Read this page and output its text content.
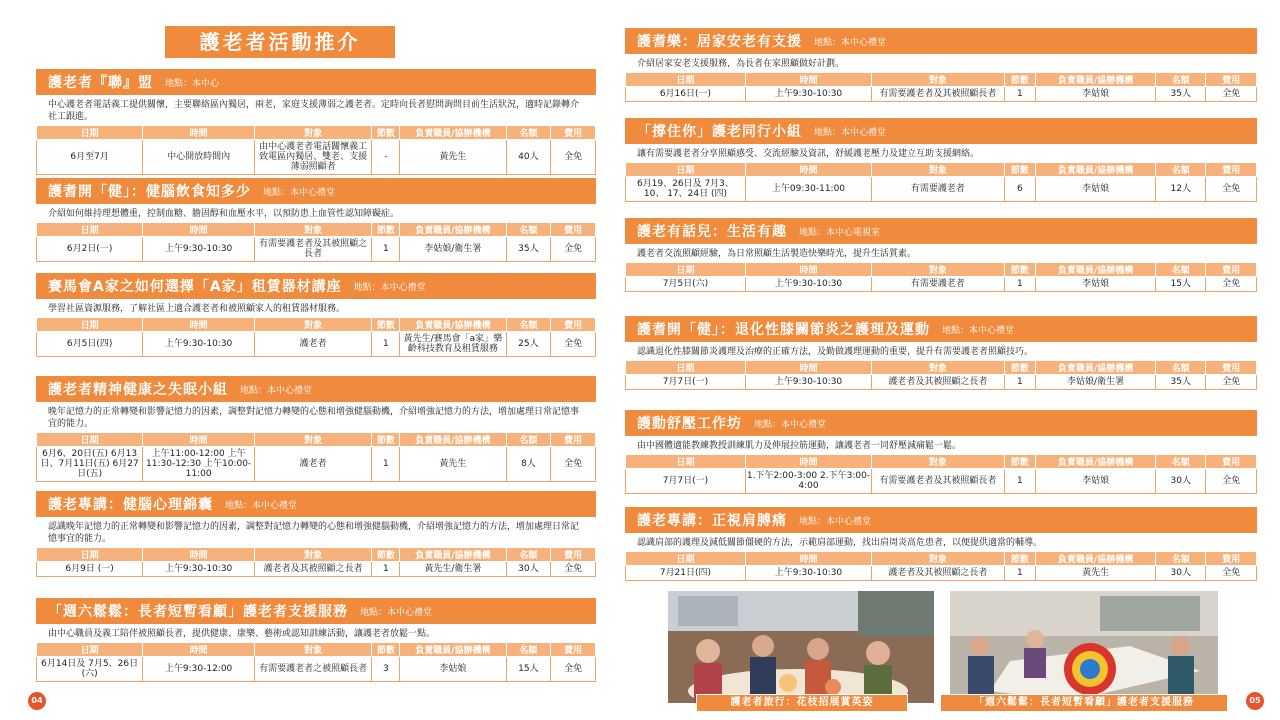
護老者活動推介
護老者『聯』盟 地點：本中心
中心護老者電話義工提供關懷，主要聯絡區內獨居，兩老，家庭支援薄弱之護老者。定時向長者慰問詢問目前生活狀況，適時記錄轉介社工跟進。
日期	時間	對象	節數	負責職員/協辦機構	名額	費用
6月至7月	中心開放時間內	由中心護老者電話關懷義工致電區內獨居、雙老、支援薄弱照顧者	-	黃先生	40人	全免
護耆開「健」：健腦飲食知多少 地點：本中心禮堂
介紹如何維持理想體重，控制血糖、膽固醇和血壓水平，以預防患上血管性認知障礙症。
日期	時間	對象	節數	負責職員/協辦機構	名額	費用
6月2日(一)	上午9:30-10:30	有需要護老者及其被照顧之長者	1	李姑娘/衛生署	35人	全免
賽馬會A家之如何選擇「A家」租賃器材講座 地點：本中心禮堂
學習社區資源服務，了解社區上適合護老者和被照顧家人的租賃器材服務。
日期	時間	對象	節數	負責職員/協辦機構	名額	費用
6月5日(四)	上午9:30-10:30	護老者	1	黃先生/賽馬會「a家」樂齡科技教育及租賃服務	25人	全免
護老者精神健康之失眠小組 地點：本中心禮堂
晚年記憶力的正常轉變和影響記憶力的因素，調整對記憶力轉變的心態和增強健腦動機，介紹增強記憶力的方法，增加處理日常記憶事宜的能力。
日期	時間	對象	節數	負責職員/協辦機構	名額	費用
6月6、20日(五) 6月13日、7月11日(五) 6月27日(五)	上午11:00-12:00 上午11:30-12:30 上午10:00-11:00	護老者	1	黃先生	8人	全免
護老專講：健腦心理錦囊 地點：本中心禮堂
認識晚年記憶力的正常轉變和影響記憶力的因素，調整對記憶力轉變的心態和增強健腦動機，介紹增強記憶力的方法，增加處理日常記憶事宜的能力。
日期	時間	對象	節數	負責職員/協辦機構	名額	費用
6月9日 (一)	上午9:30-10:30	護老者及其被照顧之長者	1	黃先生/衛生署	30人	全免
「週六鬆鬆：長者短暫看顧」護老者支援服務 地點：本中心禮堂
由中心職員及義工陪伴被照顧長者，提供健康、康樂、藝術或認知訓練活動，讓護老者放鬆一點。
日期	時間	對象	節數	負責職員/協辦機構	名額	費用
6月14日及 7月5、26日 (六)	上午9:30-12:00	有需要護老者之被照顧長者	3	李姑娘	15人	全免
護耆樂：居家安老有支援 地點：本中心禮堂
介紹居家安老支援服務，為長者在家照顧做好計劃。
日期	時間	對象	節數	負責職員/協辦機構	名額	費用
6月16日(一)	上午9:30-10:30	有需要護老者及其被照顧長者	1	李姑娘	35人	全免
「撐住你」護老同行小組 地點：本中心禮堂
讓有需要護老者分享照顧感受、交流經驗及資訊，舒緩護老壓力及建立互助支援網絡。
日期	時間	對象	節數	負責職員/協辦機構	名額	費用
6月19、26日及 7月3、10、 17、24日 (四)	上午09:30-11:00	有需要護老者	6	李姑娘	12人	全免
護老有話兒：生活有趣 地點：本中心電視室
護老者交流照顧經驗，為日常照顧生活製造快樂時光，提升生活質素。
日期	時間	對象	節數	負責職員/協辦機構	名額	費用
7月5日(六)	上午9:30-10:30	有需要護老者	1	李姑娘	15人	全免
護耆開「健」：退化性膝關節炎之護理及運動 地點：本中心禮堂
認識退化性膝關節炎護理及治療的正確方法，及勤做護理運動的重要，提升有需要護老者照顧技巧。
日期	時間	對象	節數	負責職員/協辦機構	名額	費用
7月7日(一)	上午9:30-10:30	護老者及其被照顧之長者	1	李姑娘/衛生署	35人	全免
護動舒壓工作坊 地點：本中心禮堂
由中國體適能教練教授訓練肌力及伸展拉筋運動，讓護老者一同舒壓減痛鬆一鬆。
日期	時間	對象	節數	負責職員/協辦機構	名額	費用
7月7日(一)	1.下午2:00-3:00 2.下午3:00-4:00	有需要護老者及其被照顧長者	1	李姑娘	30人	全免
護老專講：正視肩膊痛 地點：本中心禮堂
認識肩部的護理及減低關節僵硬的方法，示範肩部運動，找出肩周炎高危患者，以便提供適當的輔導。
日期	時間	對象	節數	負責職員/協辦機構	名額	費用
7月21日(四)	上午9:30-10:30	護老者及其被照顧之長者	1	黃先生	30人	全免
護老者旅行：花枝招展賞英姿	「週六鬆鬆：長者短暫看顧」護老者支援服務
04	05
